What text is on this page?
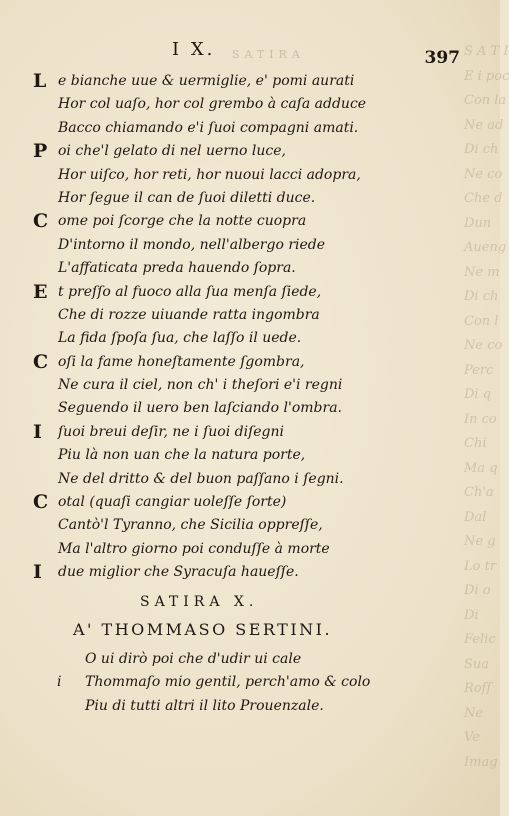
S A T I
E i poc
Con la
Ne ad
Di ch
Ne co
Che d
Dun
Aueng
Ne m
Di ch
Con l
Ne co
Perc
Di q
In co
Chi
Ma q
Ch'a
Dal
Ne g
Lo tr
Di o
Di
Felic
Sua
Roſſ
Ne
Ve
Imag
I X. SATIRA	397
L e bianche uue & uermiglie, e' pomi aurati
Hor col uaſo, hor col grembo à caſa adduce
Bacco chiamando e'i ſuoi compagni amati.
P oi che'l gelato di nel uerno luce,
Hor uiſco, hor reti, hor nuoui lacci adopra,
Hor ſegue il can de ſuoi diletti duce.
C ome poi ſcorge che la notte cuopra
D'intorno il mondo, nell'albergo riede
L'affaticata preda hauendo ſopra.
E t preſſo al fuoco alla ſua menſa ſiede,
Che di rozze uiuande ratta ingombra
La fida ſpoſa ſua, che laſſo il uede.
C oſi la fame honeſtamente ſgombra,
Ne cura il ciel, non ch' i theſori e'i regni
Seguendo il uero ben laſciando l'ombra.
I ſuoi breui deſir, ne i ſuoi diſegni
Piu là non uan che la natura porte,
Ne del dritto & del buon paſſano i ſegni.
C otal (quaſi cangiar uoleſſe ſorte)
Cantò'l Tyranno, che Sicilia oppreſſe,
Ma l'altro giorno poi conduſſe à morte
I due miglior che Syracuſa haueſſe.
SATIRA X.
A' THOMMASO SERTINI.
O ui dirò poi che d'udir ui cale
i Thommaſo mio gentil, perch'amo & colo
Piu di tutti altri il lito Prouenzale.
